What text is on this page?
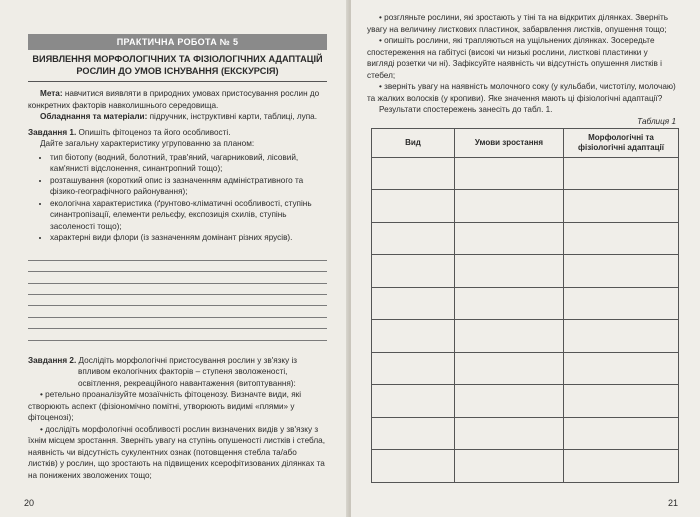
ПРАКТИЧНА РОБОТА № 5
ВИЯВЛЕННЯ МОРФОЛОГІЧНИХ ТА ФІЗІОЛОГІЧНИХ АДАПТАЦІЙ РОСЛИН ДО УМОВ ІСНУВАННЯ (ЕКСКУРСІЯ)

Мета: навчитися виявляти в природних умовах пристосування рослин до конкретних факторів навколишнього середовища.

Обладнання та матеріали: підручник, інструктивні карти, таблиці, лупа.

Завдання 1. Опишіть фітоценоз та його особливості.

Дайте загальну характеристику угрупованню за планом:

• тип біотопу (водний, болотний, трав'яний, чагарниковий, лісовий, кам'янисті відслонення, синантропний тощо);
• розташування (короткий опис із зазначенням адміністративного та фізико-географічного районування);
• екологічна характеристика (ґрунтово-кліматичні особливості, ступінь синантропізації, елементи рельєфу, експозиція схилів, ступінь засоленості тощо);
• характерні види флори (із зазначенням домінант різних ярусів).

Завдання 2. Дослідіть морфологічні пристосування рослин у зв'язку із впливом екологічних факторів – ступеня зволоженості, освітлення, рекреаційного навантаження (витоптування):

• ретельно проаналізуйте мозаїчність фітоценозу. Визначте види, які створюють аспект (фізіономічно помітні, утворюють видимі «плями» у фітоценозі);

• дослідіть морфологічні особливості рослин визначених видів у зв'язку з їхнім місцем зростання. Зверніть увагу на ступінь опушеності листків і стебла, наявність чи відсутність сукулентних ознак (потовщення стебла та/або листків) у рослин, що зростають на підвищених ксерофітизованих ділянках та на понижених зволожених тощо;

20

• розгляньте рослини, які зростають у тіні та на відкритих ділянках. Зверніть увагу на величину листкових пластинок, забарвлення листків, опушення тощо;

• опишіть рослини, які трапляються на ущільнених ділянках. Зосередьте спостереження на габітусі (високі чи низькі рослини, листкові пластинки у вигляді розетки чи ні). Зафіксуйте наявність чи відсутність опушення листків і стебел;

• зверніть увагу на наявність молочного соку (у кульбаби, чистотілу, молочаю) та жалких волосків (у кропиви). Яке значення мають ці фізіологічні адаптації?

Результати спостережень занесіть до табл. 1.

Таблиця 1
Вид	Умови зростання	Морфологічні та фізіологічні адаптації

21
